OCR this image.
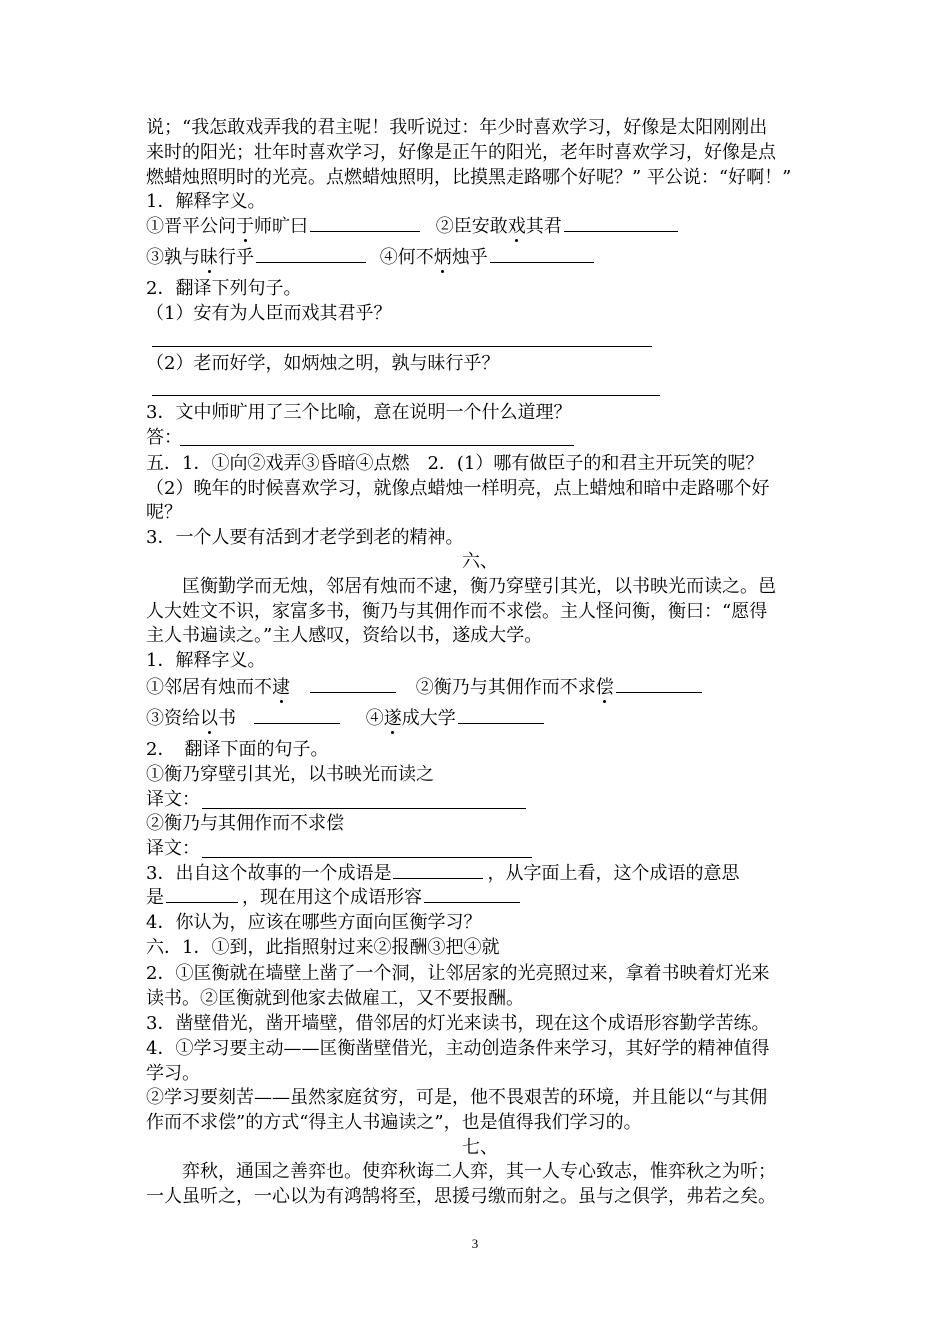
说；“我怎敢戏弄我的君主呢！我听说过：年少时喜欢学习，好像是太阳刚刚出
来时的阳光；壮年时喜欢学习，好像是正午的阳光，老年时喜欢学习，好像是点
燃蜡烛照明时的光亮。点燃蜡烛照明，比摸黑走路哪个好呢？” 平公说：“好啊！”
1．解释字义。
①晋平公问于师旷曰	②臣安敢戏其君
③孰与昧行乎	④何不炳烛乎
2．翻译下列句子。
（1）安有为人臣而戏其君乎？
（2）老而好学，如炳烛之明，孰与昧行乎？
3．文中师旷用了三个比喻，意在说明一个什么道理？
答：
五．1．①向②戏弄③昏暗④点燃　2．(1）哪有做臣子的和君主开玩笑的呢？
（2）晚年的时候喜欢学习，就像点蜡烛一样明亮，点上蜡烛和暗中走路哪个好
呢？
3．一个人要有活到才老学到老的精神。
六、
　　匡衡勤学而无烛，邻居有烛而不逮，衡乃穿壁引其光，以书映光而读之。邑
人大姓文不识，家富多书，衡乃与其佣作而不求偿。主人怪问衡，衡曰：“愿得
主人书遍读之。”主人感叹，资给以书，遂成大学。
1．解释字义。
①邻居有烛而不逮	②衡乃与其佣作而不求偿
③资给以书	④遂成大学
2．　翻译下面的句子。
①衡乃穿壁引其光，以书映光而读之
译文：
②衡乃与其佣作而不求偿
译文：
3．出自这个故事的一个成语是	，从字面上看，这个成语的意思
是	，现在用这个成语形容
4．你认为，应该在哪些方面向匡衡学习？
六．1．①到，此指照射过来②报酬③把④就
2．①匡衡就在墙壁上凿了一个洞，让邻居家的光亮照过来，拿着书映着灯光来
读书。②匡衡就到他家去做雇工，又不要报酬。
3．凿壁借光，凿开墙壁，借邻居的灯光来读书，现在这个成语形容勤学苦练。
4．①学习要主动——匡衡凿壁借光，主动创造条件来学习，其好学的精神值得
学习。
②学习要刻苦——虽然家庭贫穷，可是，他不畏艰苦的环境，并且能以“与其佣
作而不求偿”的方式“得主人书遍读之”，也是值得我们学习的。
七、
　　弈秋，通国之善弈也。使弈秋诲二人弈，其一人专心致志，惟弈秋之为听；
一人虽听之，一心以为有鸿鹄将至，思援弓缴而射之。虽与之俱学，弗若之矣。
3
